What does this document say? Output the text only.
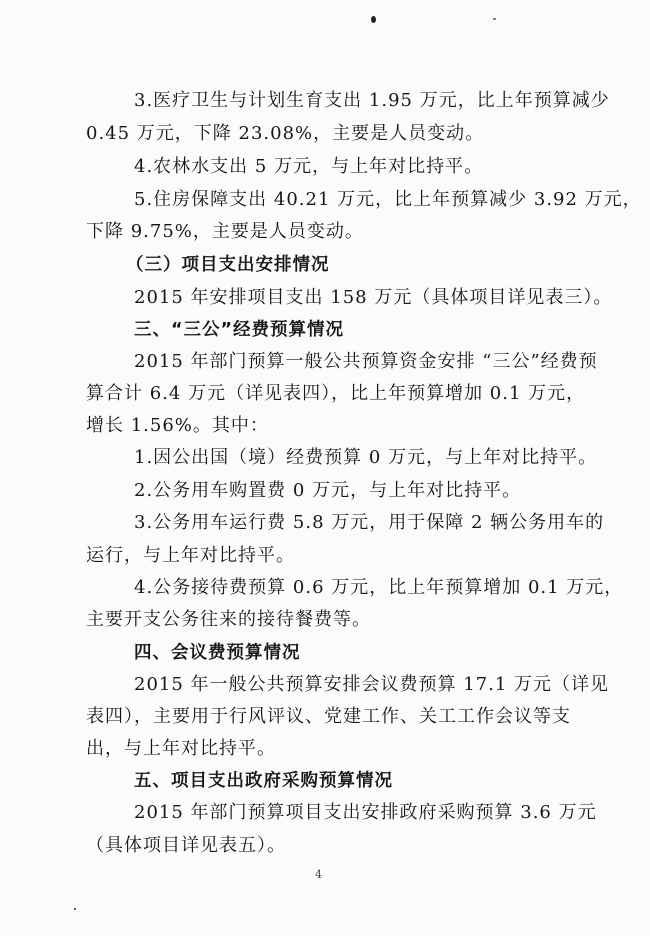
3.医疗卫生与计划生育支出 1.95 万元，比上年预算减少

0.45 万元，下降 23.08%，主要是人员变动。

4.农林水支出 5 万元，与上年对比持平。

5.住房保障支出 40.21 万元，比上年预算减少 3.92 万元，

下降 9.75%，主要是人员变动。

（三）项目支出安排情况

2015 年安排项目支出 158 万元（具体项目详见表三）。

三、“三公”经费预算情况

2015 年部门预算一般公共预算资金安排 “三公”经费预

算合计 6.4 万元（详见表四），比上年预算增加 0.1 万元，

增长 1.56%。其中：

1.因公出国（境）经费预算 0 万元，与上年对比持平。

2.公务用车购置费 0 万元，与上年对比持平。

3.公务用车运行费 5.8 万元，用于保障 2 辆公务用车的

运行，与上年对比持平。

4.公务接待费预算 0.6 万元，比上年预算增加 0.1 万元，

主要开支公务往来的接待餐费等。

四、会议费预算情况

2015 年一般公共预算安排会议费预算 17.1 万元（详见

表四），主要用于行风评议、党建工作、关工工作会议等支

出，与上年对比持平。

五、项目支出政府采购预算情况

2015 年部门预算项目支出安排政府采购预算 3.6 万元

（具体项目详见表五）。

4
